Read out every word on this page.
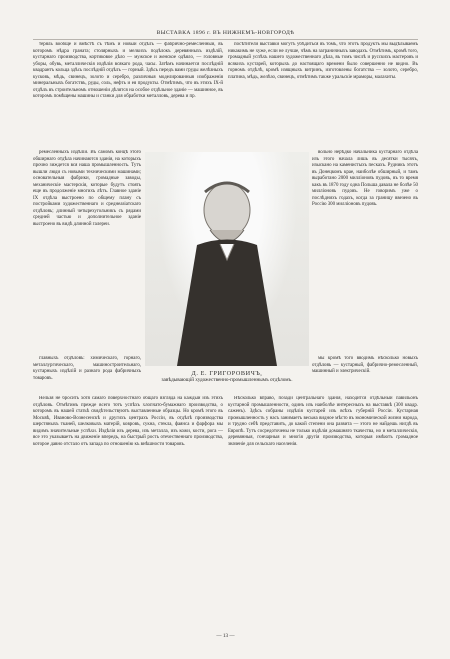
ВЫСТАВКА 1896 г. ВЪ НИЖНЕМЪ-НОВГОРОДѢ

теряль вообще и вмѣстѣ съ тѣмъ и новый отдѣлъ — фабрично-ремесленный, въ которомъ нѣдра граната; столярныхъ и мелкихъ подѣлокъ деревянныхъ издѣлій, кустарнаго производства, кортиковое дѣло — мужское и женское одѣяло, — головные уборы, обувь, металлическія издѣлія всякаго рода, часы. Затѣмъ начинается послѣдній квадрантъ кольца здѣсь послѣдній отдѣлъ — горный. Здѣсь передъ вами груды желѣзныхъ кусковъ, мѣдь, свинецъ, золото и серебро, различныя моделированныя изображенія минеральныхъ богатствъ, руды, соль, нефть и ея продукты. Отмѣтимъ, что въ этихъ IX-й отдѣлъ въ строительномъ отношеніи дѣлятся на особое отдѣльное зданіе — машинное, въ которомъ помѣщены машины и станки для обработки металловъ, дерева и пр.

посѣтители выставки могутъ убѣдиться въ томъ, что этотъ продуктъ мы выдѣлываемъ никакимъ не хуже, если не лучше, чѣмъ на заграничныхъ заводахъ. Отмѣтимъ, кромѣ того, громадный успѣхъ нашего художественнаго дѣла, въ томъ числѣ и русскихъ мастеровъ и всякихъ кустарей, которыхъ до настоящаго времени было совершенно не видно. Въ горномъ отдѣлѣ, кромѣ изящныхъ витринъ, изготовлены богатства — золото, серебро, платина, мѣдь, желѣзо, свинецъ, отмѣтимъ также уральскіе мраморы, малахиты.

ремесленныхъ издѣлій. Въ самомъ концѣ этого обширнаго отдѣла начинаются зданія, на которыхъ прочно зиждется вся наша промышленность. Тутъ вышли люди съ новыми техническими машинами; основательныя фабрики, громадные заводы, механическіе мастерскія, которые будутъ стоять еще въ продолженіе многихъ лѣтъ. Главное зданіе IX отдѣла выстроено по общему плану съ постройками художественнаго и среднеазіатскаго отдѣловъ; длинный четырехугольникъ съ рядами средней частью и дополнительное зданіе выстроено въ видѣ длинной галереи.

вольно нерѣдко начальника кустарнаго отдѣла изъ этого начала лишь въ десятки тысячъ, изыскано на каменистыхъ пескахъ. Рудникъ этотъ въ Донецкомъ крае, наиболѣе обширный, и тамъ выработано 2000 милліоновъ пудовъ, въ то время какъ въ 1870 году одна Польша давала не болѣе 50 милліоновъ пудовъ. Не говоримъ уже о послѣднихъ годахъ, когда за границу ввезено въ Россію 300 милліоновъ пудовъ.

Д. Е. ГРИГОРОВИЧЪ,
завѣдывающій художественно-промышленнымъ отдѣломъ.

главныхъ отдѣловъ: химическаго, горнаго, металлургическаго, машиностроительнаго, кустарныхъ издѣлій и разнаго рода фабричныхъ товаровъ.

мы кромѣ того вводимъ нѣсколько новыхъ отдѣловъ — кустарный, фабрично-ремесленный, машинный и электрическій.

Нельзя не бросить хотя самаго поверхностнаго общаго взгляда на каждый изъ этихъ отдѣловъ. Отмѣтимъ прежде всего тотъ успѣхъ хлопчато-бумажнаго производства, о которомъ въ нашей статьѣ свидѣтельствуютъ выставленные образцы. Но кромѣ этого въ Москвѣ, Иваново-Вознесенскѣ и другихъ центрахъ Россіи, въ отдѣлѣ производства шерстяныхъ тканей, шелковыхъ матерій, ковровъ, сукна, стекла, фаянса и фарфора мы видимъ значительные успѣхи. Издѣлія изъ дерева, изъ металла, изъ кожи, кости, рога — все это указываетъ на движеніе впередъ, на быстрый рость отечественнаго производства, которое давно отстало отъ запада по отношенію къ внѣшности товаровъ.

Нѣсколько вправо, позади центральнаго зданія, находится отдѣльный павильонъ кустарной промышленности, одинъ изъ наиболѣе интересныхъ на выставкѣ (300 квадр. саженъ). Здѣсь собраны издѣлія кустарей изъ всѣхъ губерній Россіи. Кустарная промышленность у насъ занимаетъ весьма видное мѣсто въ экономической жизни народа, и трудно себѣ представить, до какой степени она развита — этого не найдешь нигдѣ въ Европѣ. Тутъ сосредоточены не только издѣлія домашняго ткачества, но и металлическія, деревянныя, гончарныя и многія другія производства, которыя имѣютъ громадное значеніе для сельскаго населенія.

— 13 —
